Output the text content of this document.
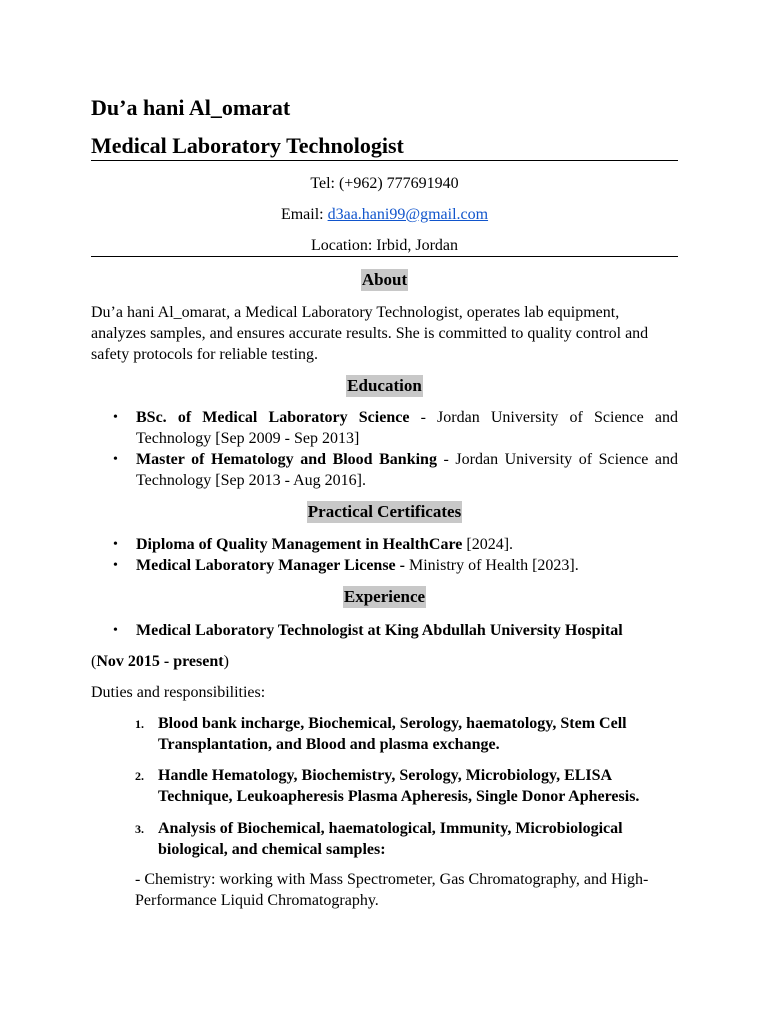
Du’a hani Al_omarat
Medical Laboratory Technologist

Tel: (+962) 777691940

Email: d3aa.hani99@gmail.com

Location: Irbid, Jordan

About

Du’a hani Al_omarat, a Medical Laboratory Technologist, operates lab equipment, analyzes samples, and ensures accurate results. She is committed to quality control and safety protocols for reliable testing.

Education
• BSc. of Medical Laboratory Science - Jordan University of Science and Technology [Sep 2009 - Sep 2013]
• Master of Hematology and Blood Banking - Jordan University of Science and Technology [Sep 2013 - Aug 2016].
Practical Certificates
• Diploma of Quality Management in HealthCare [2024].
• Medical Laboratory Manager License - Ministry of Health [2023].
Experience
• Medical Laboratory Technologist at King Abdullah University Hospital

(Nov 2015 - present)

Duties and responsibilities:

1. Blood bank incharge, Biochemical, Serology, haematology, Stem Cell Transplantation, and Blood and plasma exchange.
2. Handle Hematology, Biochemistry, Serology, Microbiology, ELISA Technique, Leukoapheresis Plasma Apheresis, Single Donor Apheresis.
3. Analysis of Biochemical, haematological, Immunity, Microbiological biological, and chemical samples:

- Chemistry: working with Mass Spectrometer, Gas Chromatography, and High-Performance Liquid Chromatography.
